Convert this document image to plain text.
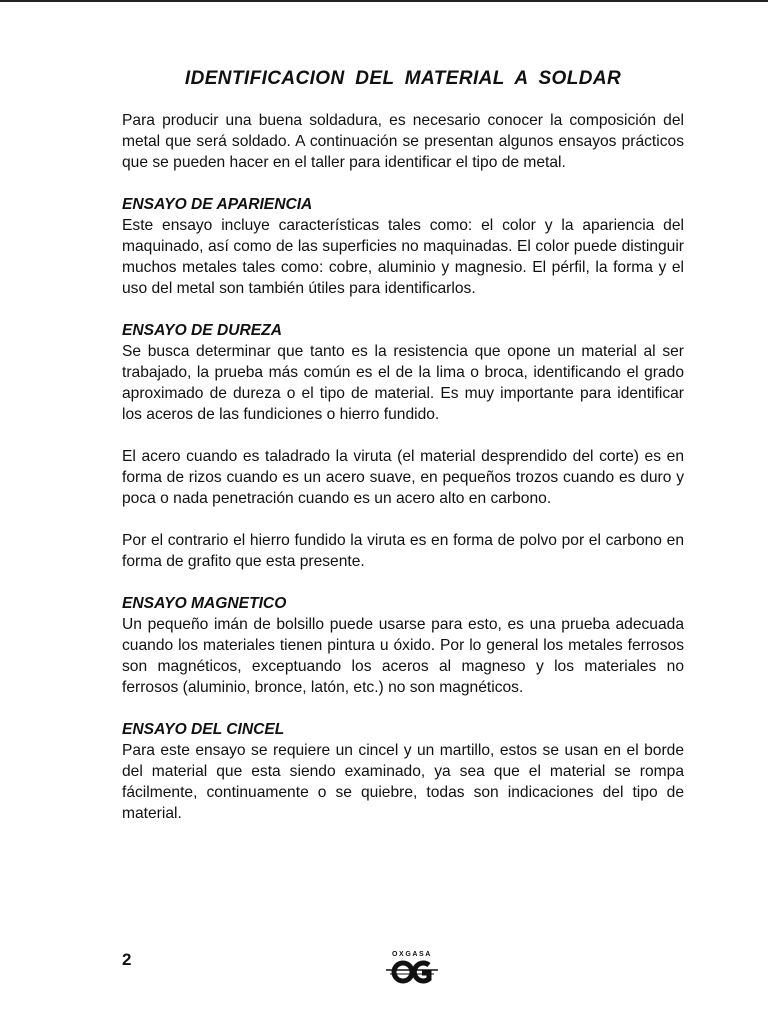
IDENTIFICACION DEL MATERIAL A SOLDAR

Para producir una buena soldadura, es necesario conocer la composición del metal que será soldado. A continuación se presentan algunos ensayos prácticos que se pueden hacer en el taller para identificar el tipo de metal.

ENSAYO DE APARIENCIA

Este ensayo incluye características tales como: el color y la apariencia del maquinado, así como de las superficies no maquinadas. El color puede distinguir muchos metales tales como: cobre, aluminio y magnesio. El pérfil, la forma y el uso del metal son también útiles para identificarlos.

ENSAYO DE DUREZA

Se busca determinar que tanto es la resistencia que opone un material al ser trabajado, la prueba más común es el de la lima o broca, identificando el grado aproximado de dureza o el tipo de material. Es muy importante para identificar los aceros de las fundiciones o hierro fundido.

El acero cuando es taladrado la viruta (el material desprendido del corte) es en forma de rizos cuando es un acero suave, en pequeños trozos cuando es duro y poca o nada penetración cuando es un acero alto en carbono.

Por el contrario el hierro fundido la viruta es en forma de polvo por el carbono en forma de grafito que esta presente.

ENSAYO MAGNETICO

Un pequeño imán de bolsillo puede usarse para esto, es una prueba adecuada cuando los materiales tienen pintura u óxido. Por lo general los metales ferrosos son magnéticos, exceptuando los aceros al magneso y los materiales no ferrosos (aluminio, bronce, latón, etc.) no son magnéticos.

ENSAYO DEL CINCEL

Para este ensayo se requiere un cincel y un martillo, estos se usan en el borde del material que esta siendo examinado, ya sea que el material se rompa fácilmente, continuamente o se quiebre, todas son indicaciones del tipo de material.

2	OXGASA
